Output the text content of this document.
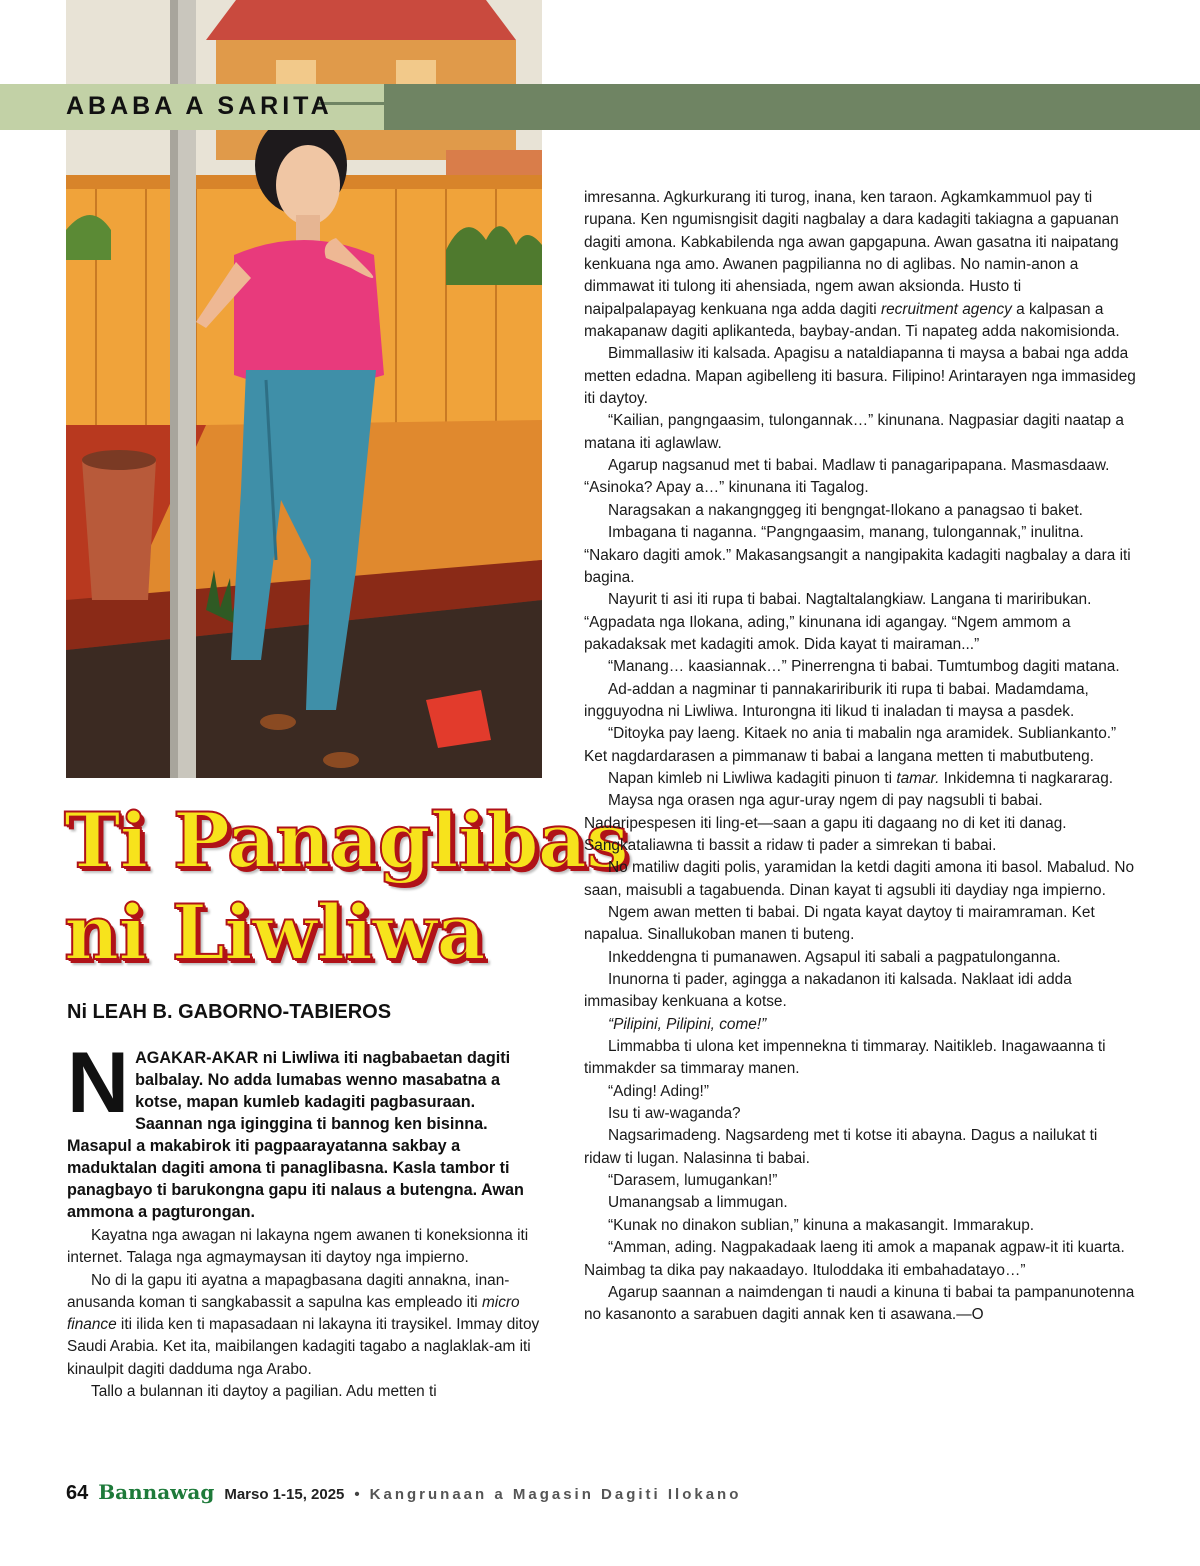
ABABA A SARITA
Ti Panaglibas
ni Liwliwa
Ni LEAH B. GABORNO-TABIEROS
N AGAKAR-AKAR ni Liwliwa iti nagbabaetan dagiti balbalay. No adda lumabas wenno masabatna a kotse, mapan kumleb kadagiti pagbasuraan. Saannan nga iginggina ti bannog ken bisinna. Masapul a makabirok iti pagpaarayatanna sakbay a maduktalan dagiti amona ti panaglibasna. Kasla tambor ti panagbayo ti barukongna gapu iti nalaus a butengna. Awan ammona a pagturongan.

Kayatna nga awagan ni lakayna ngem awanen ti koneksionna iti internet. Talaga nga agmaymaysan iti daytoy nga impierno.

No di la gapu iti ayatna a mapagbasana dagiti annakna, inan-anusanda koman ti sangkabassit a sapulna kas empleado iti micro finance iti ilida ken ti mapasadaan ni lakayna iti traysikel. Immay ditoy Saudi Arabia. Ket ita, maibilangen kadagiti tagabo a naglaklak-am iti kinaulpit dagiti dadduma nga Arabo.

Tallo a bulannan iti daytoy a pagilian. Adu metten ti

imresanna. Agkurkurang iti turog, inana, ken taraon. Agkamkammuol pay ti rupana. Ken ngumisngisit dagiti nagbalay a dara kadagiti takiagna a gapuanan dagiti amona. Kabkabilenda nga awan gapgapuna. Awan gasatna iti naipatang kenkuana nga amo. Awanen pagpilianna no di aglibas. No namin-anon a dimmawat iti tulong iti ahensiada, ngem awan aksionda. Husto ti naipalpalapayag kenkuana nga adda dagiti recruitment agency a kalpasan a makapanaw dagiti aplikanteda, baybay-andan. Ti napateg adda nakomisionda.

Bimmallasiw iti kalsada. Apagisu a nataldiapanna ti maysa a babai nga adda metten edadna. Mapan agibelleng iti basura. Filipino! Arintarayen nga immasideg iti daytoy.

“Kailian, pangngaasim, tulongannak…” kinunana. Nagpasiar dagiti naatap a matana iti aglawlaw.

Agarup nagsanud met ti babai. Madlaw ti panagaripapana. Masmasdaaw. “Asinoka? Apay a…” kinunana iti Tagalog.

Naragsakan a nakangnggeg iti bengngat-Ilokano a panagsao ti baket.

Imbagana ti naganna. “Pangngaasim, manang, tulongannak,” inulitna. “Nakaro dagiti amok.” Makasangsangit a nangipakita kadagiti nagbalay a dara iti bagina.

Nayurit ti asi iti rupa ti babai. Nagtaltalangkiaw. Langana ti mariribukan. “Agpadata nga Ilokana, ading,” kinunana idi agangay. “Ngem ammom a pakadaksak met kadagiti amok. Dida kayat ti mairaman...”

“Manang… kaasiannak…” Pinerrengna ti babai. Tumtumbog dagiti matana.

Ad-addan a nagminar ti pannakaririburik iti rupa ti babai. Madamdama, ingguyodna ni Liwliwa. Inturongna iti likud ti inaladan ti maysa a pasdek.

“Ditoyka pay laeng. Kitaek no ania ti mabalin nga aramidek. Subliankanto.” Ket nagdardarasen a pimmanaw ti babai a langana metten ti mabutbuteng.

Napan kimleb ni Liwliwa kadagiti pinuon ti tamar. Inkidemna ti nagkararag.

Maysa nga orasen nga agur-uray ngem di pay nagsubli ti babai. Nadaripespesen iti ling-et—saan a gapu iti dagaang no di ket iti danag. Sangkataliawna ti bassit a ridaw ti pader a simrekan ti babai.

No matiliw dagiti polis, yaramidan la ketdi dagiti amona iti basol. Mabalud. No saan, maisubli a tagabuenda. Dinan kayat ti agsubli iti daydiay nga impierno.

Ngem awan metten ti babai. Di ngata kayat daytoy ti mairamraman. Ket napalua. Sinallukoban manen ti buteng.

Inkeddengna ti pumanawen. Agsapul iti sabali a pagpatulonganna.

Inunorna ti pader, agingga a nakadanon iti kalsada. Naklaat idi adda immasibay kenkuana a kotse.

“Pilipini, Pilipini, come!”

Limmabba ti ulona ket impennekna ti timmaray. Naitikleb. Inagawaanna ti timmakder sa timmaray manen.

“Ading! Ading!”

Isu ti aw-waganda?

Nagsarimadeng. Nagsardeng met ti kotse iti abayna. Dagus a nailukat ti ridaw ti lugan. Nalasinna ti babai.

“Darasem, lumugankan!”

Umanangsab a limmugan.

“Kunak no dinakon sublian,” kinuna a makasangit. Immarakup.

“Amman, ading. Nagpakadaak laeng iti amok a mapanak agpaw-it iti kuarta. Naimbag ta dika pay nakaadayo. Ituloddaka iti embahadatayo…”

Agarup saannan a naimdengan ti naudi a kinuna ti babai ta pampanunotenna no kasanonto a sarabuen dagiti annak ken ti asawana.—O

64 Bannawag Marso 1-15, 2025 • Kangrunaan a Magasin Dagiti Ilokano
